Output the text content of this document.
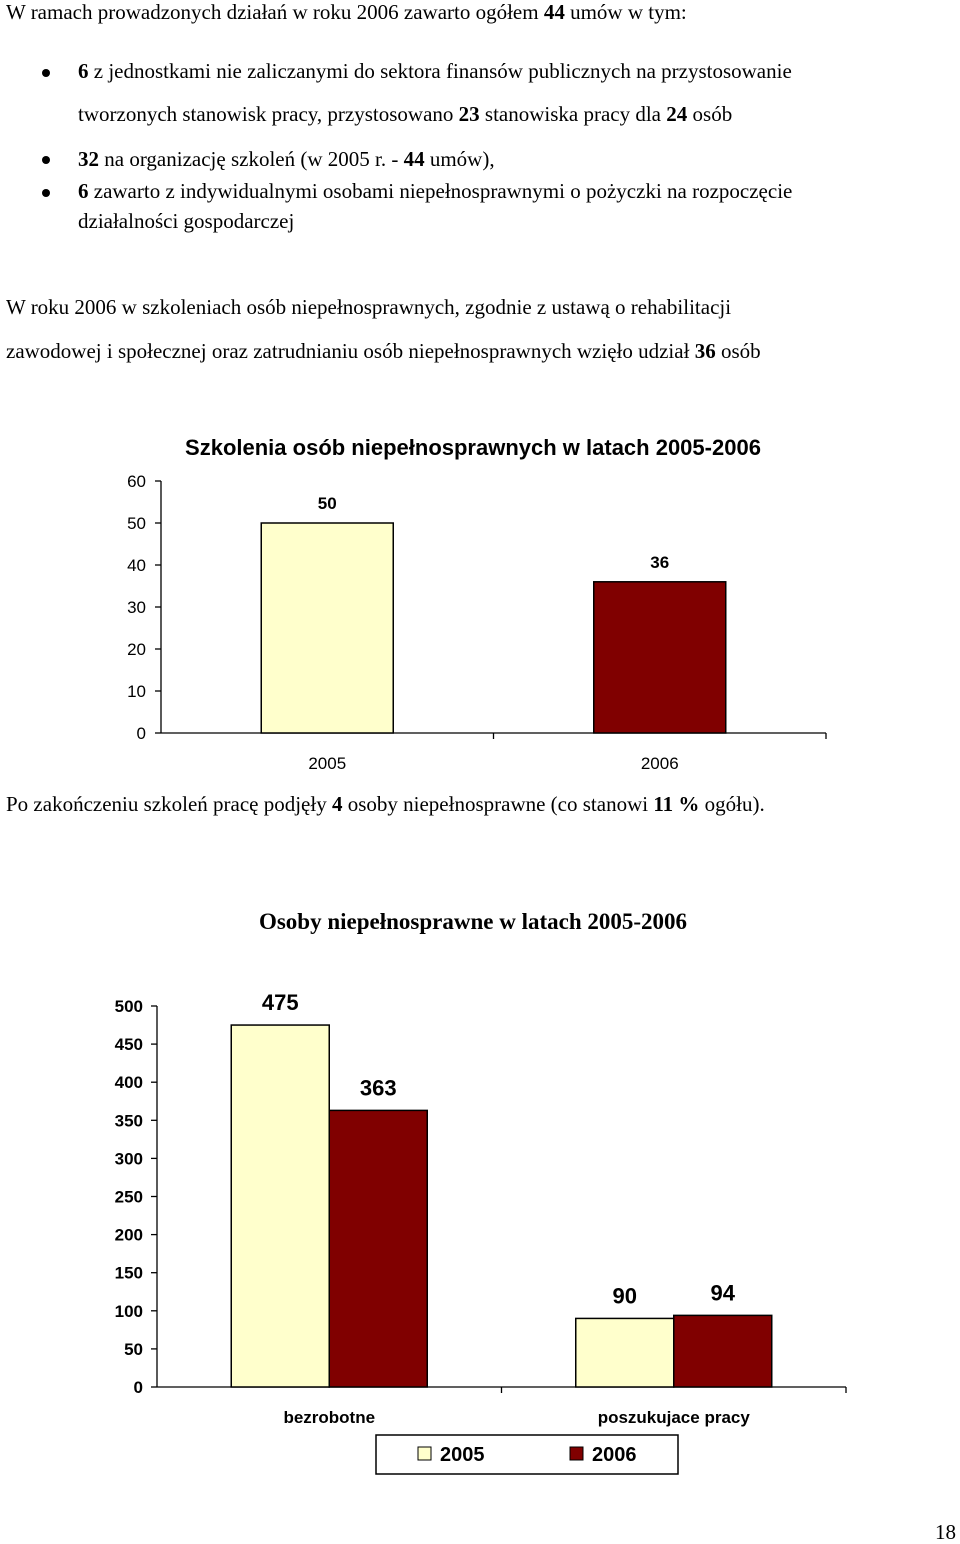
W ramach prowadzonych działań w roku 2006 zawarto ogółem 44 umów w tym:

6 z jednostkami nie zaliczanymi do sektora finansów publicznych na przystosowanie

tworzonych stanowisk pracy, przystosowano 23 stanowiska pracy dla 24 osób

32 na organizację szkoleń (w 2005 r. - 44 umów),

6 zawarto z indywidualnymi osobami niepełnosprawnymi o pożyczki na rozpoczęcie

działalności gospodarczej

W roku 2006 w szkoleniach osób niepełnosprawnych, zgodnie z ustawą o rehabilitacji

zawodowej i społecznej oraz zatrudnianiu osób niepełnosprawnych wzięło udział 36 osób

Szkolenia osób niepełnosprawnych w latach 2005-2006
0
10
20
30
40
50
60
50
2005
36
2006

Po zakończeniu szkoleń pracę podjęły 4 osoby niepełnosprawne (co stanowi 11 % ogółu).

Osoby niepełnosprawne w latach 2005-2006
0
50
100
150
200
250
300
350
400
450
500	475
363
bezrobotne
90	94
poszukujace pracy
2005	2006
18
